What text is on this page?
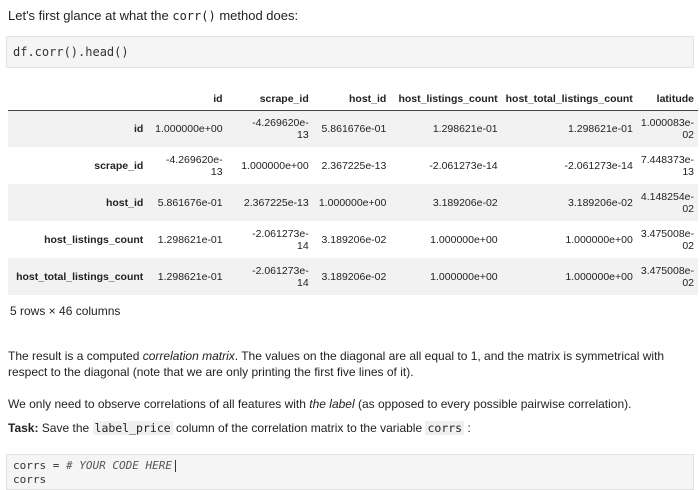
Let's first glance at what the corr() method does:
df.corr().head()
	id	scrape_id	host_id	host_listings_count	host_total_listings_count	latitude
id	1.000000e+00	-4.269620e-13	5.861676e-01	1.298621e-01	1.298621e-01	1.000083e-02
scrape_id	-4.269620e-13	1.000000e+00	2.367225e-13	-2.061273e-14	-2.061273e-14	7.448373e-13
host_id	5.861676e-01	2.367225e-13	1.000000e+00	3.189206e-02	3.189206e-02	4.148254e-02
host_listings_count	1.298621e-01	-2.061273e-14	3.189206e-02	1.000000e+00	1.000000e+00	3.475008e-02
host_total_listings_count	1.298621e-01	-2.061273e-14	3.189206e-02	1.000000e+00	1.000000e+00	3.475008e-02
5 rows × 46 columns
The result is a computed correlation matrix. The values on the diagonal are all equal to 1, and the matrix is symmetrical with respect to the diagonal (note that we are only printing the first five lines of it).
We only need to observe correlations of all features with the label (as opposed to every possible pairwise correlation).
Task: Save the label_price column of the correlation matrix to the variable corrs :
corrs = # YOUR CODE HERE
corrs
